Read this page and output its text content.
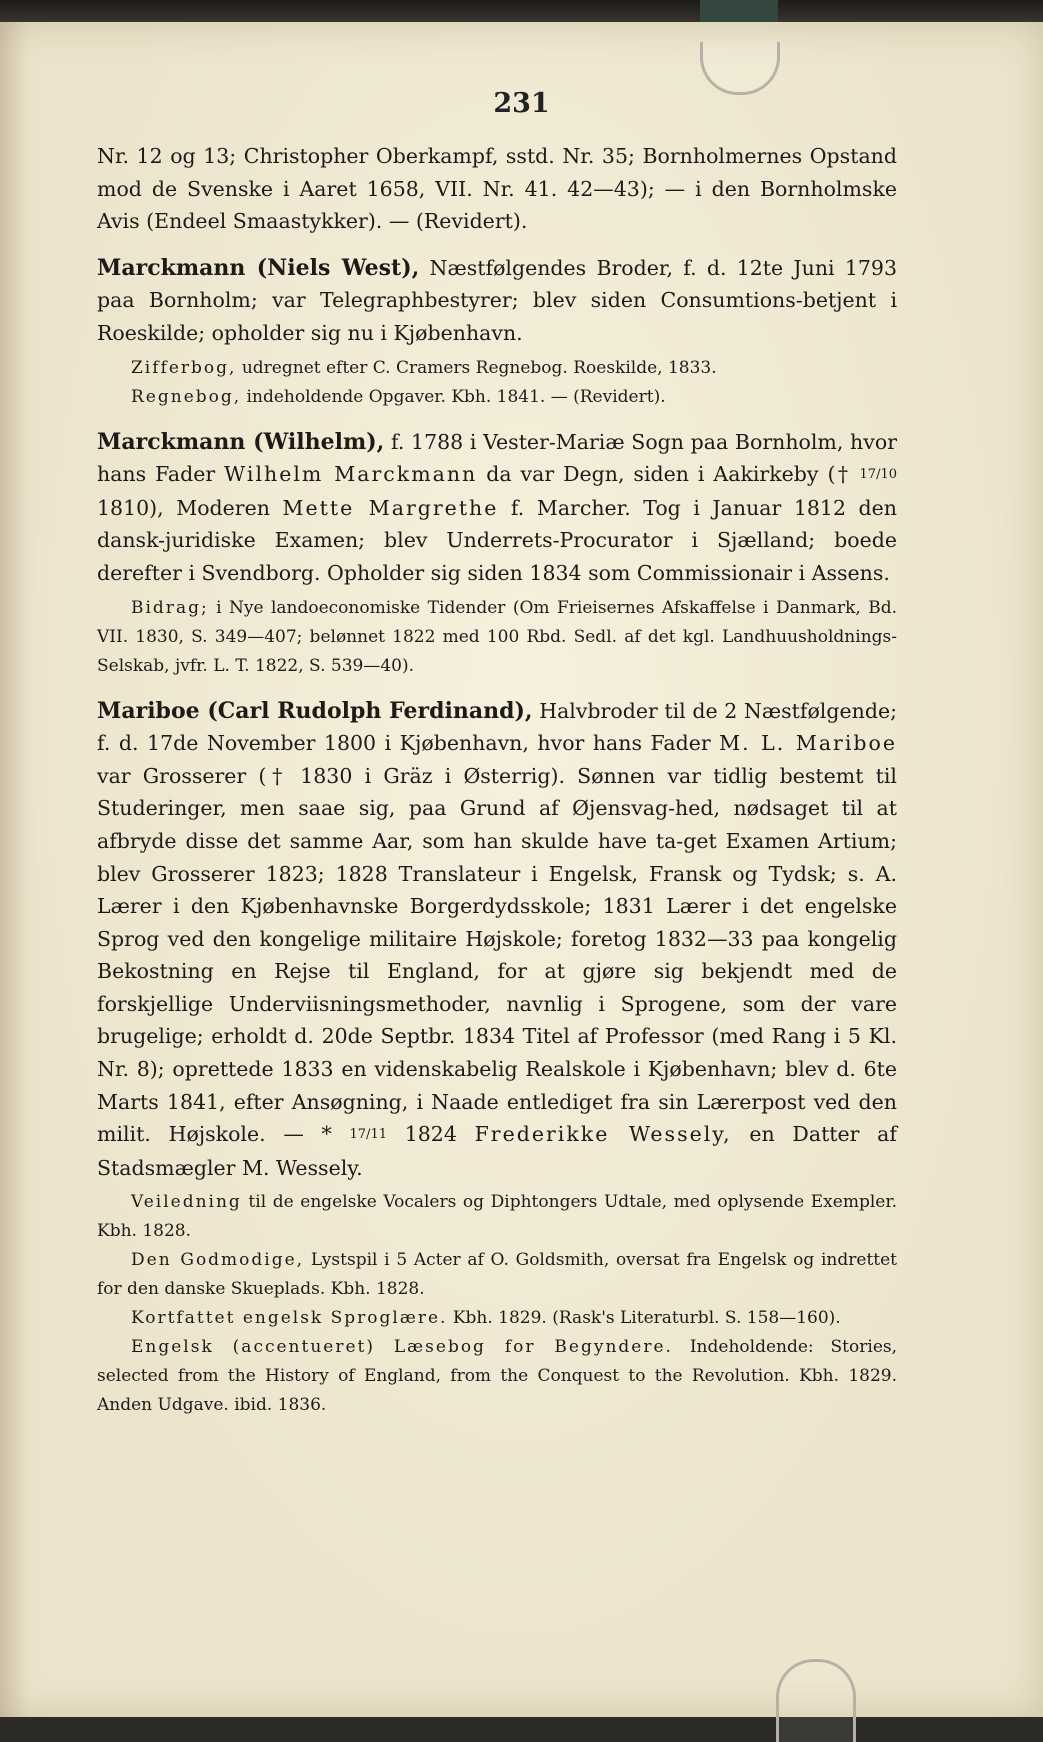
231

Nr. 12 og 13; Christopher Oberkampf, sstd. Nr. 35; Bornholmernes Opstand mod de Svenske i Aaret 1658, VII. Nr. 41. 42—43); — i den Bornholmske Avis (Endeel Smaastykker). — (Revidert).

Marckmann (Niels West), Næstfølgendes Broder, f. d. 12te Juni 1793 paa Bornholm; var Telegraphbestyrer; blev siden Consumtions-betjent i Roeskilde; opholder sig nu i Kjøbenhavn.

Zifferbog, udregnet efter C. Cramers Regnebog. Roeskilde, 1833.

Regnebog, indeholdende Opgaver. Kbh. 1841. — (Revidert).

Marckmann (Wilhelm), f. 1788 i Vester-Mariæ Sogn paa Bornholm, hvor hans Fader Wilhelm Marckmann da var Degn, siden i Aakirkeby († 17/10 1810), Moderen Mette Margrethe f. Marcher. Tog i Januar 1812 den dansk-juridiske Examen; blev Underrets-Procurator i Sjælland; boede derefter i Svendborg. Opholder sig siden 1834 som Commissionair i Assens.

Bidrag; i Nye landoeconomiske Tidender (Om Frieisernes Afskaffelse i Danmark, Bd. VII. 1830, S. 349—407; belønnet 1822 med 100 Rbd. Sedl. af det kgl. Landhuusholdnings-Selskab, jvfr. L. T. 1822, S. 539—40).

Mariboe (Carl Rudolph Ferdinand), Halvbroder til de 2 Næstfølgende; f. d. 17de November 1800 i Kjøbenhavn, hvor hans Fader M. L. Mariboe var Grosserer († 1830 i Gräz i Østerrig). Sønnen var tidlig bestemt til Studeringer, men saae sig, paa Grund af Øjensvag-hed, nødsaget til at afbryde disse det samme Aar, som han skulde have ta-get Examen Artium; blev Grosserer 1823; 1828 Translateur i Engelsk, Fransk og Tydsk; s. A. Lærer i den Kjøbenhavnske Borgerdydsskole; 1831 Lærer i det engelske Sprog ved den kongelige militaire Højskole; foretog 1832—33 paa kongelig Bekostning en Rejse til England, for at gjøre sig bekjendt med de forskjellige Underviisningsmethoder, navnlig i Sprogene, som der vare brugelige; erholdt d. 20de Septbr. 1834 Titel af Professor (med Rang i 5 Kl. Nr. 8); oprettede 1833 en videnskabelig Realskole i Kjøbenhavn; blev d. 6te Marts 1841, efter Ansøgning, i Naade entlediget fra sin Lærerpost ved den milit. Højskole. — * 17/11 1824 Frederikke Wessely, en Datter af Stadsmægler M. Wessely.

Veiledning til de engelske Vocalers og Diphtongers Udtale, med oplysende Exempler. Kbh. 1828.

Den Godmodige, Lystspil i 5 Acter af O. Goldsmith, oversat fra Engelsk og indrettet for den danske Skueplads. Kbh. 1828.

Kortfattet engelsk Sproglære. Kbh. 1829. (Rask's Literaturbl. S. 158—160).

Engelsk (accentueret) Læsebog for Begyndere. Indeholdende: Stories, selected from the History of England, from the Conquest to the Revolution. Kbh. 1829. Anden Udgave. ibid. 1836.
